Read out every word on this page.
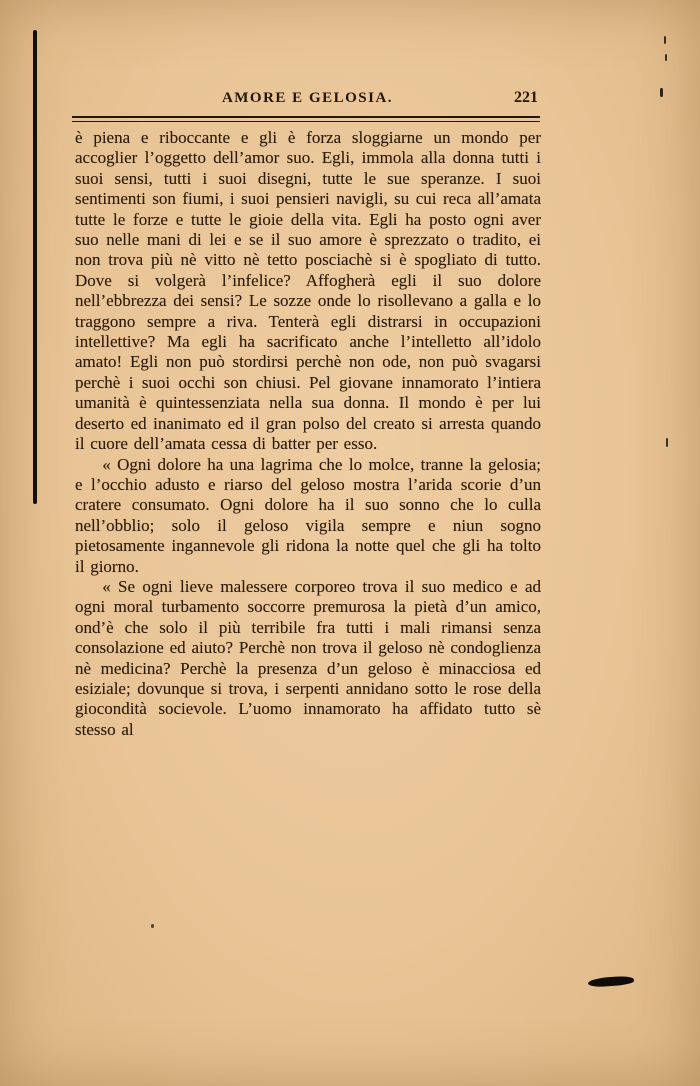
AMORE E GELOSIA.	221

è piena e riboccante e gli è forza sloggiarne un mondo per accoglier l’oggetto dell’amor suo. Egli, immola alla donna tutti i suoi sensi, tutti i suoi disegni, tutte le sue speranze. I suoi sentimenti son fiumi, i suoi pensieri navigli, su cui reca all’amata tutte le forze e tutte le gioie della vita. Egli ha posto ogni aver suo nelle mani di lei e se il suo amore è sprezzato o tradito, ei non trova più nè vitto nè tetto posciachè si è spogliato di tutto. Dove si volgerà l’infelice? Affogherà egli il suo dolore nell’ebbrezza dei sensi? Le sozze onde lo risollevano a galla e lo traggono sempre a riva. Tenterà egli distrarsi in occupazioni intellettive? Ma egli ha sacrificato anche l’intelletto all’idolo amato! Egli non può stordirsi perchè non ode, non può svagarsi perchè i suoi occhi son chiusi. Pel giovane innamorato l’intiera umanità è quintessenziata nella sua donna. Il mondo è per lui deserto ed inanimato ed il gran polso del creato si arresta quando il cuore dell’amata cessa di batter per esso.

« Ogni dolore ha una lagrima che lo molce, tranne la gelosia; e l’occhio adusto e riarso del geloso mostra l’arida scorie d’un cratere consumato. Ogni dolore ha il suo sonno che lo culla nell’obblio; solo il geloso vigila sempre e niun sogno pietosamente ingannevole gli ridona la notte quel che gli ha tolto il giorno.

« Se ogni lieve malessere corporeo trova il suo medico e ad ogni moral turbamento soccorre premurosa la pietà d’un amico, ond’è che solo il più terribile fra tutti i mali rimansi senza consolazione ed aiuto? Perchè non trova il geloso nè condoglienza nè medicina? Perchè la presenza d’un geloso è minacciosa ed esiziale; dovunque si trova, i serpenti annidano sotto le rose della giocondità socievole. L’uomo innamorato ha affidato tutto sè stesso al
